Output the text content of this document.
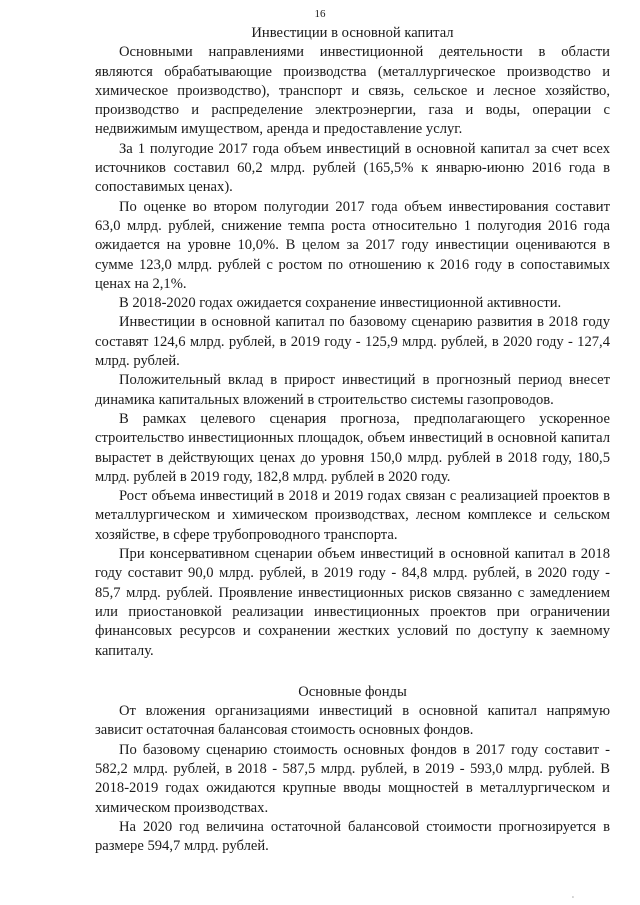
16
Инвестиции в основной капитал

Основными направлениями инвестиционной деятельности в области являются обрабатывающие производства (металлургическое производство и химическое производство), транспорт и связь, сельское и лесное хозяйство, производство и распределение электроэнергии, газа и воды, операции с недвижимым имуществом, аренда и предоставление услуг.

За 1 полугодие 2017 года объем инвестиций в основной капитал за счет всех источников составил 60,2 млрд. рублей (165,5% к январю-июню 2016 года в сопоставимых ценах).

По оценке во втором полугодии 2017 года объем инвестирования составит 63,0 млрд. рублей, снижение темпа роста относительно 1 полугодия 2016 года ожидается на уровне 10,0%. В целом за 2017 году инвестиции оцениваются в сумме 123,0 млрд. рублей с ростом по отношению к 2016 году в сопоставимых ценах на 2,1%.

В 2018-2020 годах ожидается сохранение инвестиционной активности.

Инвестиции в основной капитал по базовому сценарию развития в 2018 году составят 124,6 млрд. рублей, в 2019 году - 125,9 млрд. рублей, в 2020 году - 127,4 млрд. рублей.

Положительный вклад в прирост инвестиций в прогнозный период внесет динамика капитальных вложений в строительство системы газопроводов.

В рамках целевого сценария прогноза, предполагающего ускоренное строительство инвестиционных площадок, объем инвестиций в основной капитал вырастет в действующих ценах до уровня 150,0 млрд. рублей в 2018 году, 180,5 млрд. рублей в 2019 году, 182,8 млрд. рублей в 2020 году.

Рост объема инвестиций в 2018 и 2019 годах связан с реализацией проектов в металлургическом и химическом производствах, лесном комплексе и сельском хозяйстве, в сфере трубопроводного транспорта.

При консервативном сценарии объем инвестиций в основной капитал в 2018 году составит 90,0 млрд. рублей, в 2019 году - 84,8 млрд. рублей, в 2020 году - 85,7 млрд. рублей. Проявление инвестиционных рисков связанно с замедлением или приостановкой реализации инвестиционных проектов при ограничении финансовых ресурсов и сохранении жестких условий по доступу к заемному капиталу.

Основные фонды

От вложения организациями инвестиций в основной капитал напрямую зависит остаточная балансовая стоимость основных фондов.

По базовому сценарию стоимость основных фондов в 2017 году составит - 582,2 млрд. рублей, в 2018 - 587,5 млрд. рублей, в 2019 - 593,0 млрд. рублей. В 2018-2019 годах ожидаются крупные вводы мощностей в металлургическом и химическом производствах.

На 2020 год величина остаточной балансовой стоимости прогнозируется в размере 594,7 млрд. рублей.

▫
